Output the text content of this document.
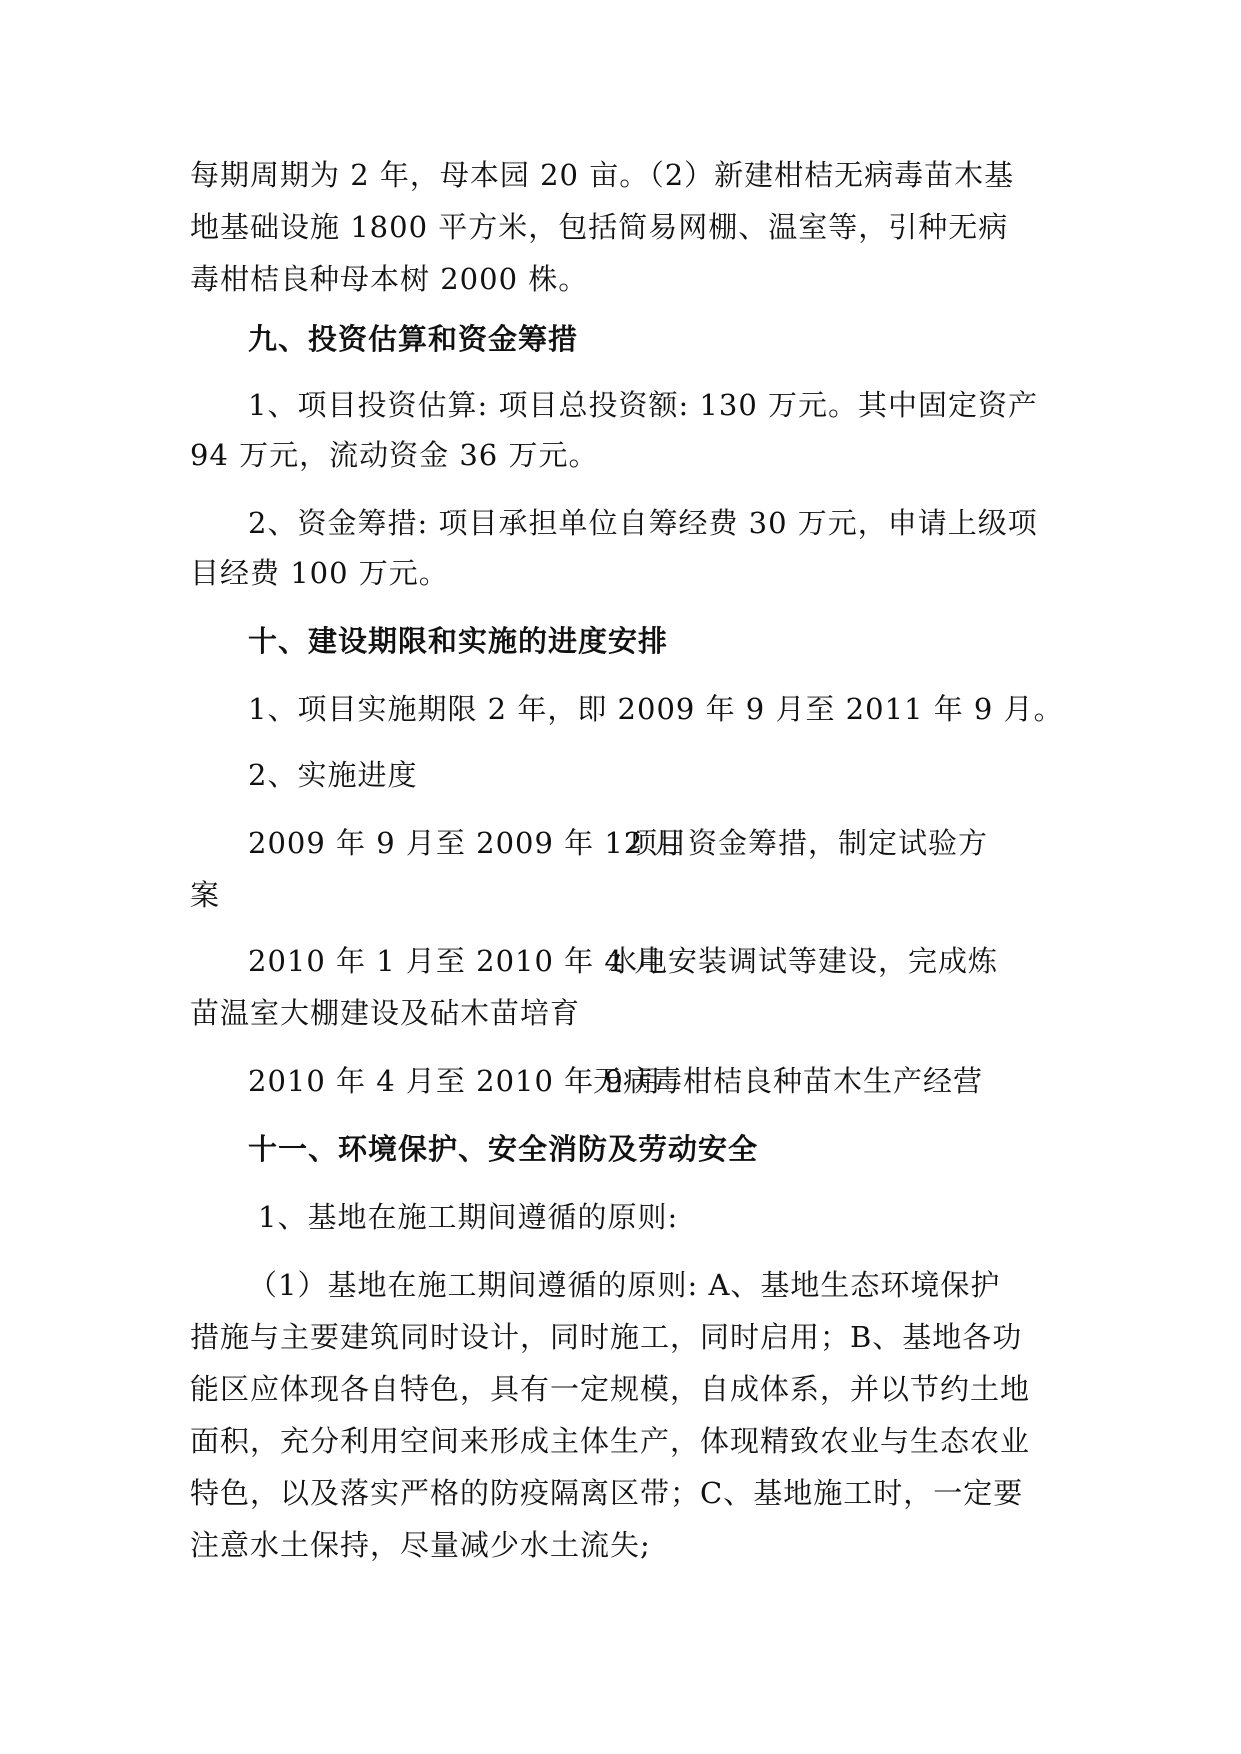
每期周期为 2 年，母本园 20 亩。（2）新建柑桔无病毒苗木基
地基础设施 1800 平方米，包括简易网棚、温室等，引种无病
毒柑桔良种母本树 2000 株。
九、投资估算和资金筹措
1、项目投资估算: 项目总投资额: 130 万元。其中固定资产
94 万元，流动资金 36 万元。
2、资金筹措: 项目承担单位自筹经费 30 万元，申请上级项
目经费 100 万元。
十、建设期限和实施的进度安排
1、项目实施期限 2 年，即 2009 年 9 月至 2011 年 9 月。
2、实施进度
2009 年 9 月至 2009 年 12 月
项目资金筹措，制定试验方
案
2010 年 1 月至 2010 年 4 月
水电安装调试等建设，完成炼
苗温室大棚建设及砧木苗培育
2010 年 4 月至 2010 年 9 月
无病毒柑桔良种苗木生产经营
十一、环境保护、安全消防及劳动安全
1、基地在施工期间遵循的原则:
（1）基地在施工期间遵循的原则: A、基地生态环境保护
措施与主要建筑同时设计，同时施工，同时启用；B、基地各功
能区应体现各自特色，具有一定规模，自成体系，并以节约土地
面积，充分利用空间来形成主体生产，体现精致农业与生态农业
特色，以及落实严格的防疫隔离区带；C、基地施工时，一定要
注意水土保持，尽量减少水土流失;
